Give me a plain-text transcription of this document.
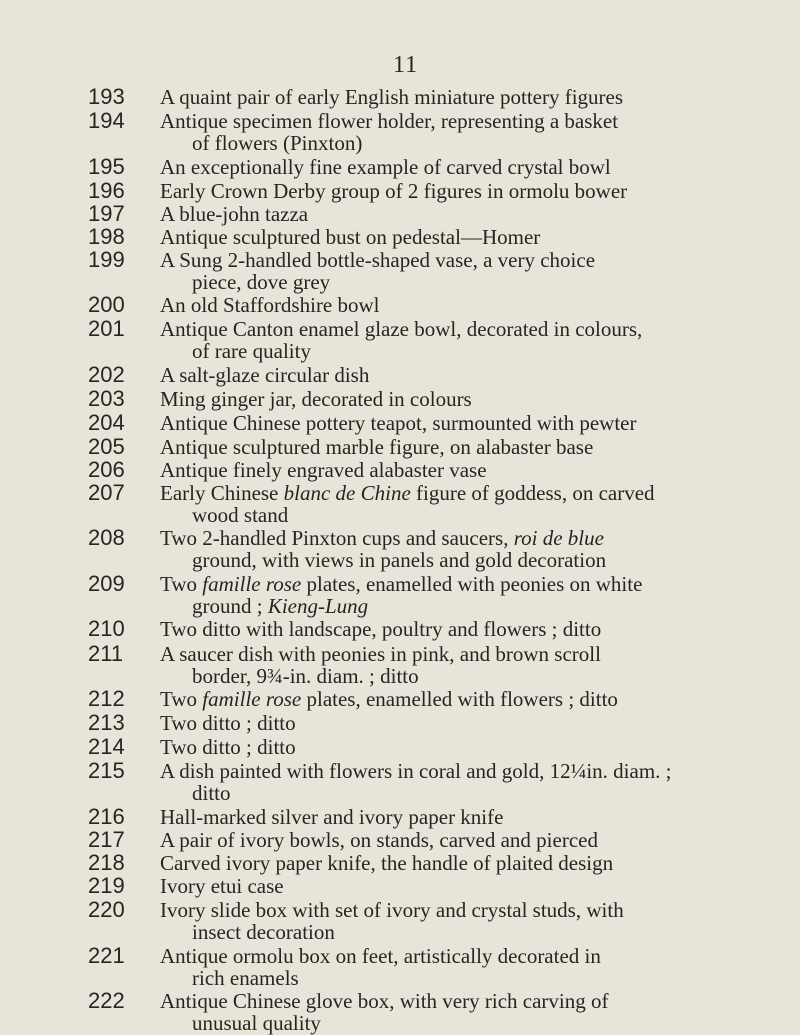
11
193	A quaint pair of early English miniature pottery figures
194	Antique specimen flower holder, representing a basket
of flowers (Pinxton)
195	An exceptionally fine example of carved crystal bowl
196	Early Crown Derby group of 2 figures in ormolu bower
197	A blue-john tazza
198	Antique sculptured bust on pedestal—Homer
199	A Sung 2-handled bottle-shaped vase, a very choice
piece, dove grey
200	An old Staffordshire bowl
201	Antique Canton enamel glaze bowl, decorated in colours,
of rare quality
202	A salt-glaze circular dish
203	Ming ginger jar, decorated in colours
204	Antique Chinese pottery teapot, surmounted with pewter
205	Antique sculptured marble figure, on alabaster base
206	Antique finely engraved alabaster vase
207	Early Chinese blanc de Chine figure of goddess, on carved
wood stand
208	Two 2-handled Pinxton cups and saucers, roi de blue
ground, with views in panels and gold decoration
209	Two famille rose plates, enamelled with peonies on white
ground ; Kieng-Lung
210	Two ditto with landscape, poultry and flowers ; ditto
211	A saucer dish with peonies in pink, and brown scroll
border, 9¾-in. diam. ; ditto
212	Two famille rose plates, enamelled with flowers ; ditto
213	Two ditto ; ditto
214	Two ditto ; ditto
215	A dish painted with flowers in coral and gold, 12¼in. diam. ;
ditto
216	Hall-marked silver and ivory paper knife
217	A pair of ivory bowls, on stands, carved and pierced
218	Carved ivory paper knife, the handle of plaited design
219	Ivory etui case
220	Ivory slide box with set of ivory and crystal studs, with
insect decoration
221	Antique ormolu box on feet, artistically decorated in
rich enamels
222	Antique Chinese glove box, with very rich carving of
unusual quality
